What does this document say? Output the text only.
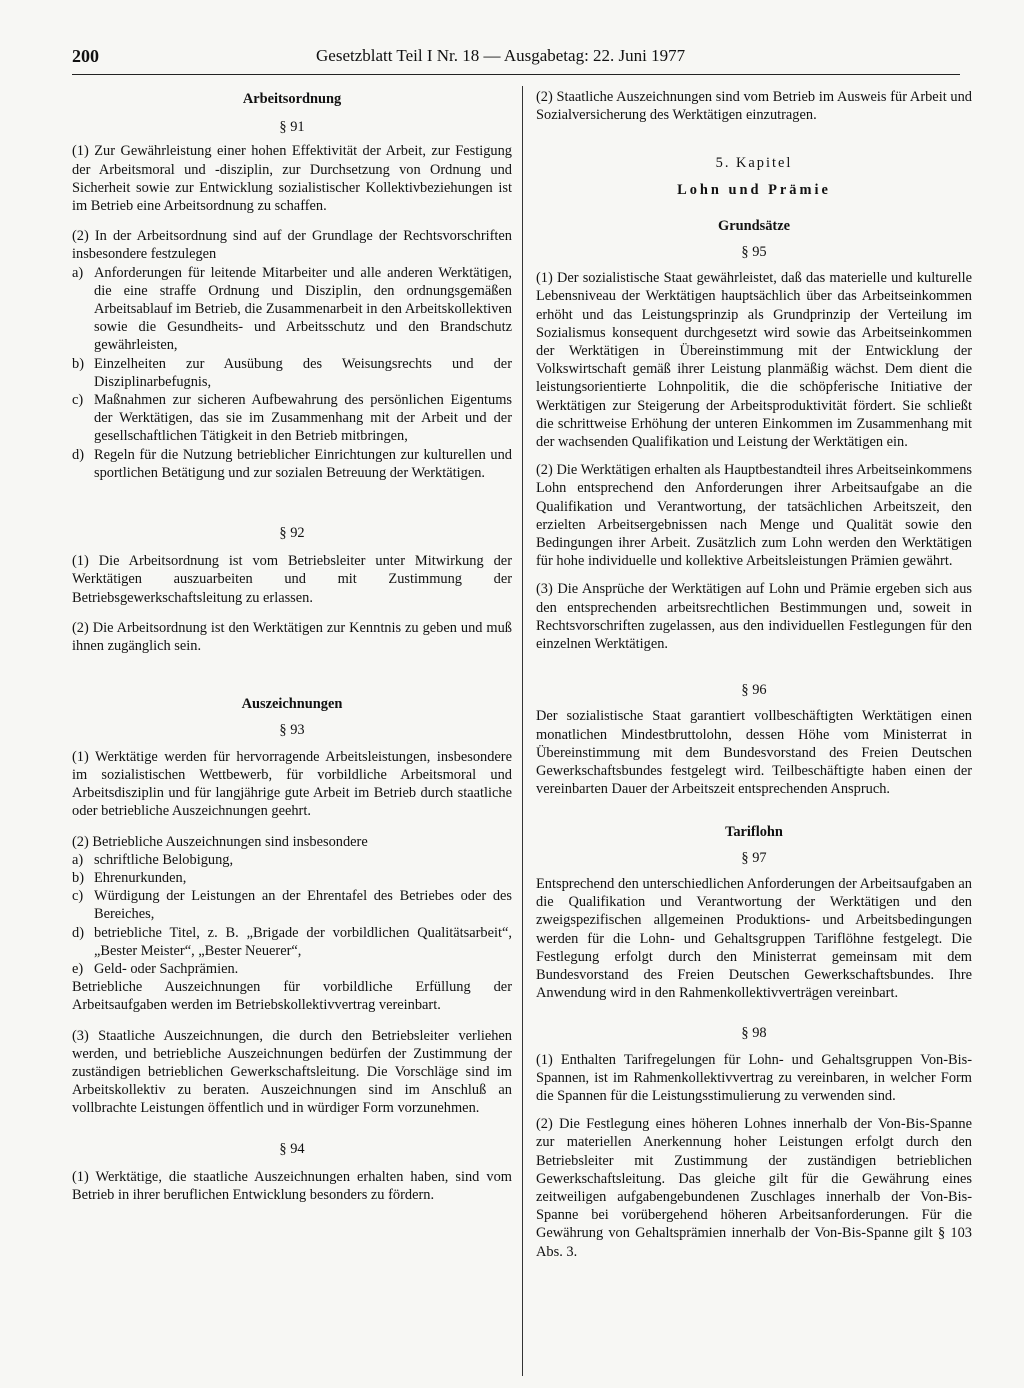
200	Gesetzblatt Teil I Nr. 18 — Ausgabetag: 22. Juni 1977
Arbeitsordnung
§ 91

(1) Zur Gewährleistung einer hohen Effektivität der Arbeit, zur Festigung der Arbeitsmoral und -disziplin, zur Durchsetzung von Ordnung und Sicherheit sowie zur Entwicklung sozialistischer Kollektivbeziehungen ist im Betrieb eine Arbeitsordnung zu schaffen.

(2) In der Arbeitsordnung sind auf der Grundlage der Rechtsvorschriften insbesondere festzulegen

a) Anforderungen für leitende Mitarbeiter und alle anderen Werktätigen, die eine straffe Ordnung und Disziplin, den ordnungsgemäßen Arbeitsablauf im Betrieb, die Zusammenarbeit in den Arbeitskollektiven sowie die Gesundheits- und Arbeitsschutz und den Brandschutz gewährleisten,
b) Einzelheiten zur Ausübung des Weisungsrechts und der Disziplinarbefugnis,
c) Maßnahmen zur sicheren Aufbewahrung des persönlichen Eigentums der Werktätigen, das sie im Zusammenhang mit der Arbeit und der gesellschaftlichen Tätigkeit in den Betrieb mitbringen,
d) Regeln für die Nutzung betrieblicher Einrichtungen zur kulturellen und sportlichen Betätigung und zur sozialen Betreuung der Werktätigen.
§ 92

(1) Die Arbeitsordnung ist vom Betriebsleiter unter Mitwirkung der Werktätigen auszuarbeiten und mit Zustimmung der Betriebsgewerkschaftsleitung zu erlassen.

(2) Die Arbeitsordnung ist den Werktätigen zur Kenntnis zu geben und muß ihnen zugänglich sein.

Auszeichnungen
§ 93

(1) Werktätige werden für hervorragende Arbeitsleistungen, insbesondere im sozialistischen Wettbewerb, für vorbildliche Arbeitsmoral und Arbeitsdisziplin und für langjährige gute Arbeit im Betrieb durch staatliche oder betriebliche Auszeichnungen geehrt.

(2) Betriebliche Auszeichnungen sind insbesondere

a) schriftliche Belobigung,
b) Ehrenurkunden,
c) Würdigung der Leistungen an der Ehrentafel des Betriebes oder des Bereiches,
d) betriebliche Titel, z. B. „Brigade der vorbildlichen Qualitätsarbeit“, „Bester Meister“, „Bester Neuerer“,
e) Geld- oder Sachprämien.

Betriebliche Auszeichnungen für vorbildliche Erfüllung der Arbeitsaufgaben werden im Betriebskollektivvertrag vereinbart.

(3) Staatliche Auszeichnungen, die durch den Betriebsleiter verliehen werden, und betriebliche Auszeichnungen bedürfen der Zustimmung der zuständigen betrieblichen Gewerkschaftsleitung. Die Vorschläge sind im Arbeitskollektiv zu beraten. Auszeichnungen sind im Anschluß an vollbrachte Leistungen öffentlich und in würdiger Form vorzunehmen.

§ 94

(1) Werktätige, die staatliche Auszeichnungen erhalten haben, sind vom Betrieb in ihrer beruflichen Entwicklung besonders zu fördern.

(2) Staatliche Auszeichnungen sind vom Betrieb im Ausweis für Arbeit und Sozialversicherung des Werktätigen einzutragen.

5. Kapitel
Lohn und Prämie
Grundsätze
§ 95

(1) Der sozialistische Staat gewährleistet, daß das materielle und kulturelle Lebensniveau der Werktätigen hauptsächlich über das Arbeitseinkommen erhöht und das Leistungsprinzip als Grundprinzip der Verteilung im Sozialismus konsequent durchgesetzt wird sowie das Arbeitseinkommen der Werktätigen in Übereinstimmung mit der Entwicklung der Volkswirtschaft gemäß ihrer Leistung planmäßig wächst. Dem dient die leistungsorientierte Lohnpolitik, die die schöpferische Initiative der Werktätigen zur Steigerung der Arbeitsproduktivität fördert. Sie schließt die schrittweise Erhöhung der unteren Einkommen im Zusammenhang mit der wachsenden Qualifikation und Leistung der Werktätigen ein.

(2) Die Werktätigen erhalten als Hauptbestandteil ihres Arbeitseinkommens Lohn entsprechend den Anforderungen ihrer Arbeitsaufgabe an die Qualifikation und Verantwortung, der tatsächlichen Arbeitszeit, den erzielten Arbeitsergebnissen nach Menge und Qualität sowie den Bedingungen ihrer Arbeit. Zusätzlich zum Lohn werden den Werktätigen für hohe individuelle und kollektive Arbeitsleistungen Prämien gewährt.

(3) Die Ansprüche der Werktätigen auf Lohn und Prämie ergeben sich aus den entsprechenden arbeitsrechtlichen Bestimmungen und, soweit in Rechtsvorschriften zugelassen, aus den individuellen Festlegungen für den einzelnen Werktätigen.

§ 96

Der sozialistische Staat garantiert vollbeschäftigten Werktätigen einen monatlichen Mindestbruttolohn, dessen Höhe vom Ministerrat in Übereinstimmung mit dem Bundesvorstand des Freien Deutschen Gewerkschaftsbundes festgelegt wird. Teilbeschäftigte haben einen der vereinbarten Dauer der Arbeitszeit entsprechenden Anspruch.

Tariflohn
§ 97

Entsprechend den unterschiedlichen Anforderungen der Arbeitsaufgaben an die Qualifikation und Verantwortung der Werktätigen und den zweigspezifischen allgemeinen Produktions- und Arbeitsbedingungen werden für die Lohn- und Gehaltsgruppen Tariflöhne festgelegt. Die Festlegung erfolgt durch den Ministerrat gemeinsam mit dem Bundesvorstand des Freien Deutschen Gewerkschaftsbundes. Ihre Anwendung wird in den Rahmenkollektivverträgen vereinbart.

§ 98

(1) Enthalten Tarifregelungen für Lohn- und Gehaltsgruppen Von-Bis-Spannen, ist im Rahmenkollektivvertrag zu vereinbaren, in welcher Form die Spannen für die Leistungsstimulierung zu verwenden sind.

(2) Die Festlegung eines höheren Lohnes innerhalb der Von-Bis-Spanne zur materiellen Anerkennung hoher Leistungen erfolgt durch den Betriebsleiter mit Zustimmung der zuständigen betrieblichen Gewerkschaftsleitung. Das gleiche gilt für die Gewährung eines zeitweiligen aufgabengebundenen Zuschlages innerhalb der Von-Bis-Spanne bei vorübergehend höheren Arbeitsanforderungen. Für die Gewährung von Gehaltsprämien innerhalb der Von-Bis-Spanne gilt § 103 Abs. 3.
